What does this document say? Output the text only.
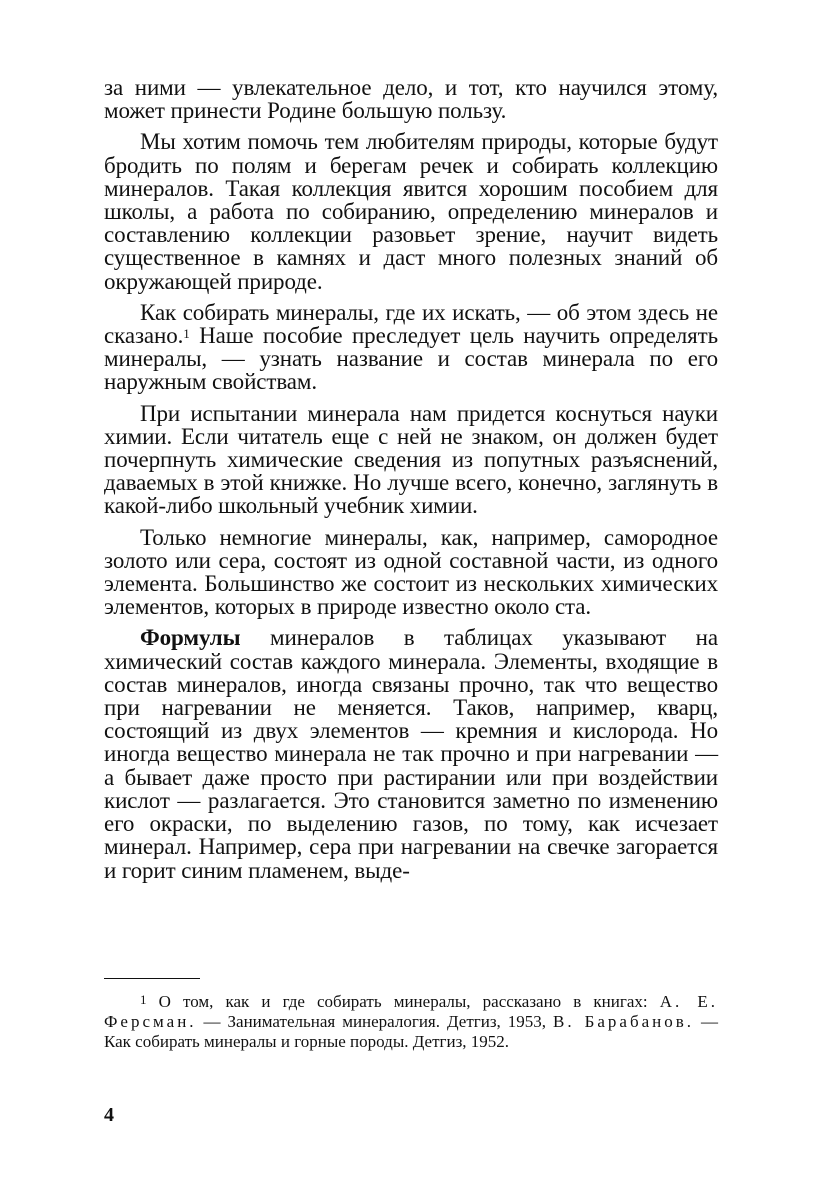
за ними — увлекательное дело, и тот, кто научился этому, может принести Родине большую пользу.

Мы хотим помочь тем любителям природы, которые будут бродить по полям и берегам речек и собирать коллекцию минералов. Такая коллекция явится хорошим пособием для школы, а работа по собиранию, определению минералов и составлению коллекции разовьет зрение, научит видеть существенное в камнях и даст много полезных знаний об окружающей природе.

Как собирать минералы, где их искать, — об этом здесь не сказано.$^1$ Наше пособие преследует цель научить определять минералы, — узнать название и состав минерала по его наружным свойствам.

При испытании минерала нам придется коснуться науки химии. Если читатель еще с ней не знаком, он должен будет почерпнуть химические сведения из попутных разъяснений, даваемых в этой книжке. Но лучше всего, конечно, заглянуть в какой-либо школьный учебник химии.

Только немногие минералы, как, например, самородное золото или сера, состоят из одной составной части, из одного элемента. Большинство же состоит из нескольких химических элементов, которых в природе известно около ста.

Формулы минералов в таблицах указывают на химический состав каждого минерала. Элементы, входящие в состав минералов, иногда связаны прочно, так что вещество при нагревании не меняется. Таков, например, кварц, состоящий из двух элементов — кремния и кислорода. Но иногда вещество минерала не так прочно и при нагревании — а бывает даже просто при растирании или при воздействии кислот — разлагается. Это становится заметно по изменению его окраски, по выделению газов, по тому, как исчезает минерал. Например, сера при нагревании на свечке загорается и горит синим пламенем, выде-

$^1$ О том, как и где собирать минералы, рассказано в книгах: А. Е. Ферсман. — Занимательная минералогия. Детгиз, 1953, В. Барабанов. — Как собирать минералы и горные породы. Детгиз, 1952.
4
